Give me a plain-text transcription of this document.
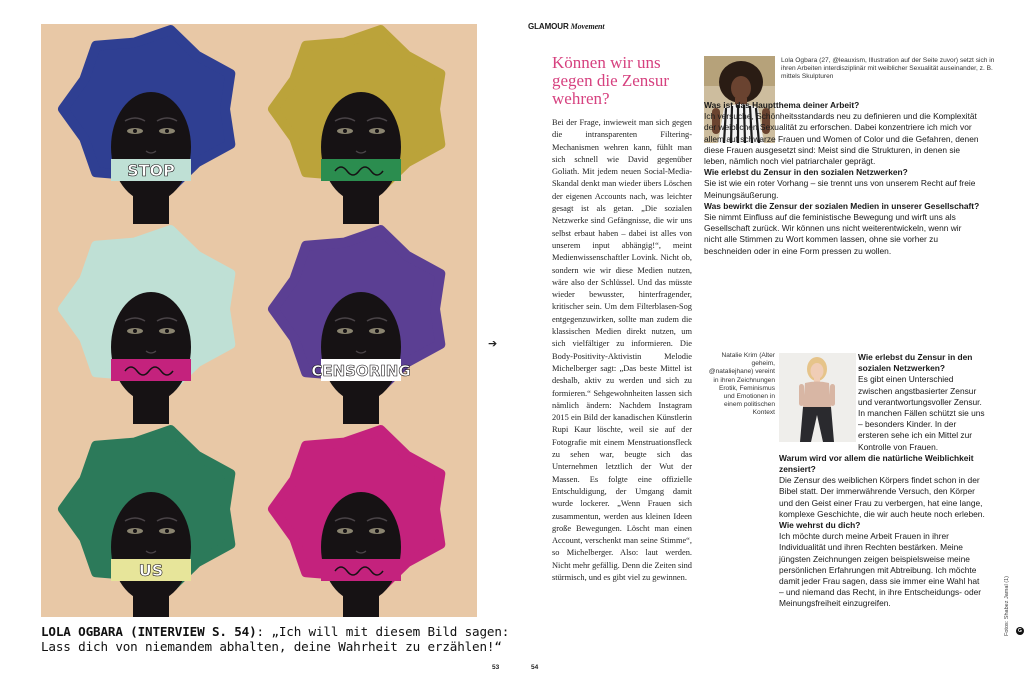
STOP
CENSORING
US
LOLA OGBARA (INTERVIEW S. 54): „Ich will mit diesem Bild sagen: Lass dich von niemandem abhalten, deine Wahrheit zu erzählen!“
53	54
➔
GLAMOUR Movement
Können wir uns gegen die Zensur wehren?
Bei der Frage, inwieweit man sich gegen die intransparenten Filtering-Mechanismen wehren kann, fühlt man sich schnell wie David gegenüber Goliath. Mit jedem neuen Social-Media-Skandal denkt man wieder übers Löschen der eigenen Accounts nach, was leichter gesagt ist als getan. „Die sozialen Netzwerke sind Gefängnisse, die wir uns selbst erbaut haben – dabei ist alles von unserem input abhängig!“, meint Medienwissenschaftler Lovink. Nicht ob, sondern wie wir diese Medien nutzen, wäre also der Schlüssel. Und das müsste wieder bewusster, hinterfragender, kritischer sein. Um dem Filterblasen-Sog entgegenzuwirken, sollte man zudem die klassischen Medien direkt nutzen, um sich vielfältiger zu informieren. Die Body-Positivity-Aktivistin Melodie Michelberger sagt: „Das beste Mittel ist deshalb, aktiv zu werden und sich zu formieren.“ Sehgewohnheiten lassen sich nämlich ändern: Nachdem Instagram 2015 ein Bild der kanadischen Künstlerin Rupi Kaur löschte, weil sie auf der Fotografie mit einem Menstruationsfleck zu sehen war, beugte sich das Unternehmen letztlich der Wut der Massen. Es folgte eine offizielle Entschuldigung, der Umgang damit wurde lockerer. „Wenn Frauen sich zusammentun, werden aus kleinen Ideen große Bewegungen. Löscht man einen Account, verschenkt man seine Stimme“, so Michelberger. Also: laut werden. Nicht mehr gefällig. Denn die Zeiten sind stürmisch, und es gibt viel zu gewinnen.
Lola Ogbara (27, @leauxism, Illustration auf der Seite zuvor) setzt sich in ihren Arbeiten interdisziplinär mit weiblicher Sexualität auseinander, z. B. mittels Skulpturen
Was ist das Hauptthema deiner Arbeit?
Ich versuche, Schönheitsstandards neu zu definieren und die Komplexität der weiblichen Sexualität zu erforschen. Dabei konzentriere ich mich vor allem auf schwarze Frauen und Women of Color und die Gefahren, denen diese Frauen ausgesetzt sind: Meist sind die Strukturen, in denen sie leben, nämlich noch viel patriarchaler geprägt.
Wie erlebst du Zensur in den sozialen Netzwerken?
Sie ist wie ein roter Vorhang – sie trennt uns von unserem Recht auf freie Meinungsäußerung.
Was bewirkt die Zensur der sozialen Medien in unserer Gesellschaft?
Sie nimmt Einfluss auf die feministische Bewegung und wirft uns als Gesellschaft zurück. Wir können uns nicht weiterentwickeln, wenn wir nicht alle Stimmen zu Wort kommen lassen, ohne sie vorher zu beschneiden oder in eine Form pressen zu wollen.
Natalie Krim (Alter geheim, @nataliejhane) vereint in ihren Zeichnungen Erotik, Feminismus und Emotionen in einem politischen Kontext
Wie erlebst du Zensur in den sozialen Netzwerken?
Es gibt einen Unterschied zwischen angstbasierter Zensur und verantwortungsvoller Zensur. In manchen Fällen schützt sie uns – besonders Kinder. In der ersteren sehe ich ein Mittel zur Kontrolle von Frauen.
Warum wird vor allem die natürliche Weiblichkeit zensiert?
Die Zensur des weiblichen Körpers findet schon in der Bibel statt. Der immerwährende Versuch, den Körper und den Geist einer Frau zu verbergen, hat eine lange, komplexe Geschichte, die wir auch heute noch erleben.
Wie wehrst du dich?
Ich möchte durch meine Arbeit Frauen in ihrer Individualität und ihren Rechten bestärken. Meine jüngsten Zeichnungen zeigen beispielsweise meine persönlichen Erfahrungen mit Abtreibung. Ich möchte damit jeder Frau sagen, dass sie immer eine Wahl hat – und niemand das Recht, in ihre Entscheidungs- oder Meinungsfreiheit einzugreifen.	Fotos: Shabez Jamal (1)	G
